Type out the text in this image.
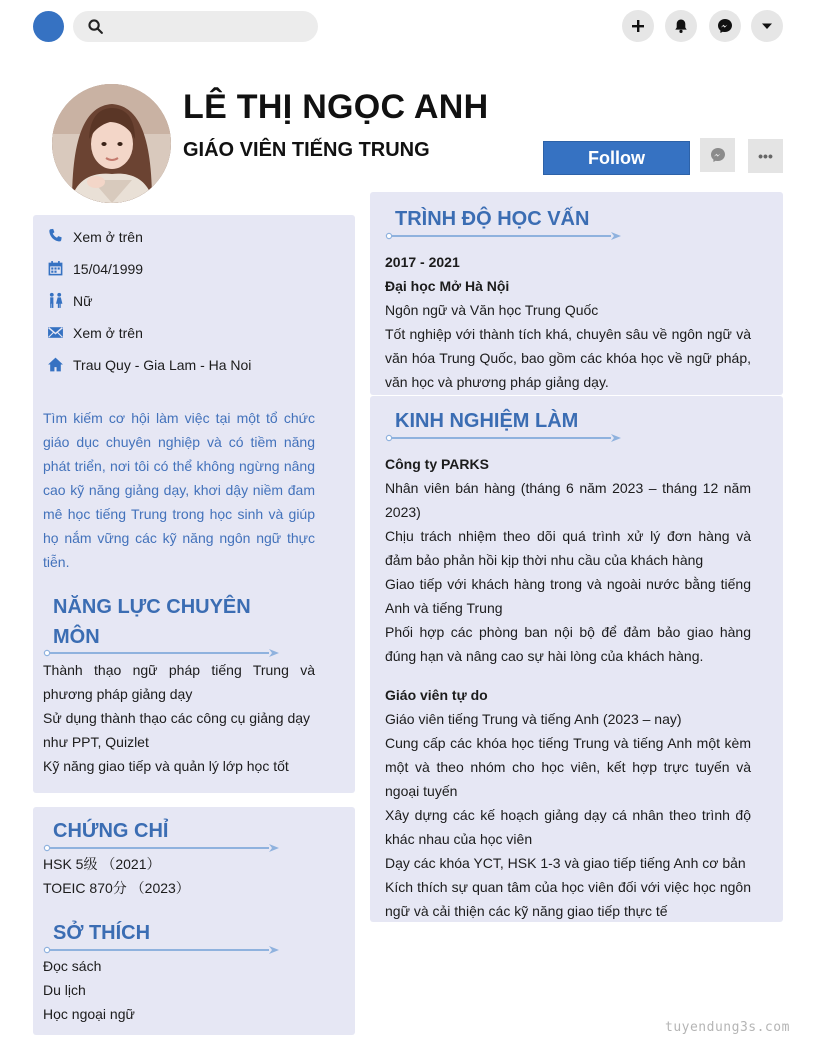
LÊ THỊ NGỌC ANH
GIÁO VIÊN TIẾNG TRUNG	Follow	•••
Xem ở trên
15/04/1999
Nữ
Xem ở trên
Trau Quy - Gia Lam - Ha Noi
Tìm kiếm cơ hội làm việc tại một tổ chức giáo dục chuyên nghiệp và có tiềm năng phát triển, nơi tôi có thể không ngừng nâng cao kỹ năng giảng dạy, khơi dậy niềm đam mê học tiếng Trung trong học sinh và giúp họ nắm vững các kỹ năng ngôn ngữ thực tiễn.
NĂNG LỰC CHUYÊN
MÔN
Thành thạo ngữ pháp tiếng Trung và phương pháp giảng dạy
Sử dụng thành thạo các công cụ giảng dạy như PPT, Quizlet
Kỹ năng giao tiếp và quản lý lớp học tốt
CHỨNG CHỈ
HSK 5级 （2021）
TOEIC 870分 （2023）
SỞ THÍCH
Đọc sách
Du lịch
Học ngoại ngữ
TRÌNH ĐỘ HỌC VẤN
2017 - 2021
Đại học Mở Hà Nội
Ngôn ngữ và Văn học Trung Quốc
Tốt nghiệp với thành tích khá, chuyên sâu về ngôn ngữ và văn hóa Trung Quốc, bao gồm các khóa học về ngữ pháp, văn học và phương pháp giảng dạy.
KINH NGHIỆM LÀM
Công ty PARKS
Nhân viên bán hàng (tháng 6 năm 2023 – tháng 12 năm 2023)
Chịu trách nhiệm theo dõi quá trình xử lý đơn hàng và đảm bảo phản hồi kịp thời nhu cầu của khách hàng
Giao tiếp với khách hàng trong và ngoài nước bằng tiếng Anh và tiếng Trung
Phối hợp các phòng ban nội bộ để đảm bảo giao hàng đúng hạn và nâng cao sự hài lòng của khách hàng.
Giáo viên tự do
Giáo viên tiếng Trung và tiếng Anh (2023 – nay)
Cung cấp các khóa học tiếng Trung và tiếng Anh một kèm một và theo nhóm cho học viên, kết hợp trực tuyến và ngoại tuyến
Xây dựng các kế hoạch giảng dạy cá nhân theo trình độ khác nhau của học viên
Dạy các khóa YCT, HSK 1-3 và giao tiếp tiếng Anh cơ bản
Kích thích sự quan tâm của học viên đối với việc học ngôn ngữ và cải thiện các kỹ năng giao tiếp thực tế
tuyendung3s.com
